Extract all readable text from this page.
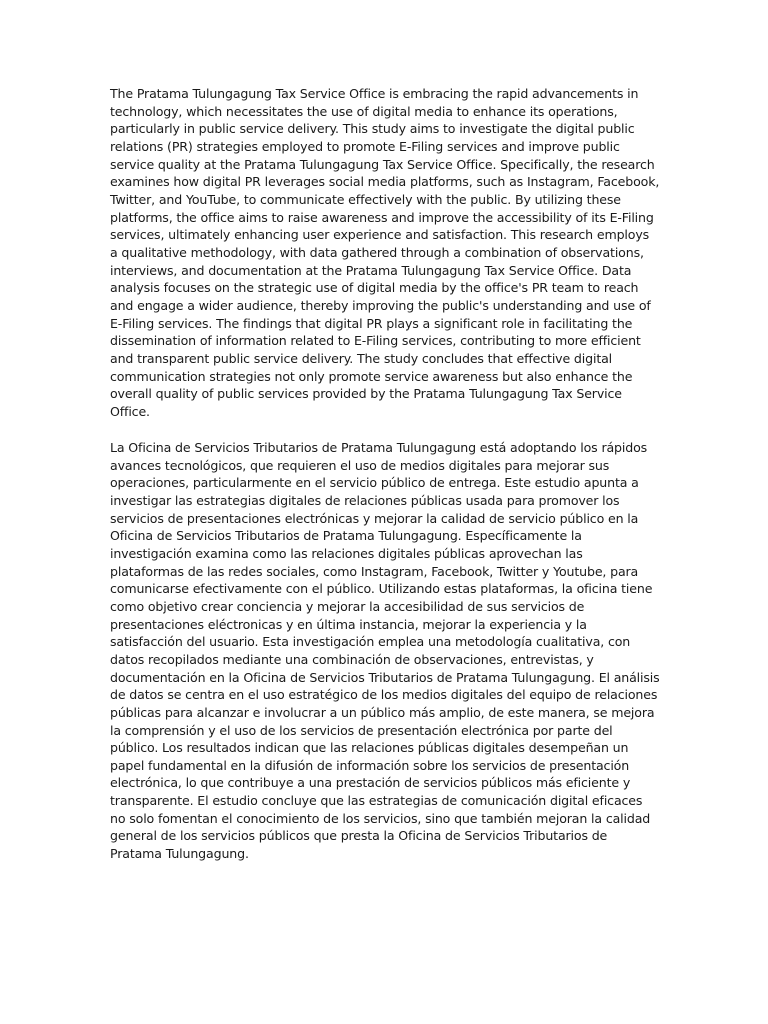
The Pratama Tulungagung Tax Service Office is embracing the rapid advancements in technology, which necessitates the use of digital media to enhance its operations, particularly in public service delivery. This study aims to investigate the digital public relations (PR) strategies employed to promote E-Filing services and improve public service quality at the Pratama Tulungagung Tax Service Office. Specifically, the research examines how digital PR leverages social media platforms, such as Instagram, Facebook, Twitter, and YouTube, to communicate effectively with the public. By utilizing these platforms, the office aims to raise awareness and improve the accessibility of its E-Filing services, ultimately enhancing user experience and satisfaction. This research employs a qualitative methodology, with data gathered through a combination of observations, interviews, and documentation at the Pratama Tulungagung Tax Service Office. Data analysis focuses on the strategic use of digital media by the office's PR team to reach and engage a wider audience, thereby improving the public's understanding and use of E-Filing services. The findings that digital PR plays a significant role in facilitating the dissemination of information related to E-Filing services, contributing to more efficient and transparent public service delivery. The study concludes that effective digital communication strategies not only promote service awareness but also enhance the overall quality of public services provided by the Pratama Tulungagung Tax Service Office.

La Oficina de Servicios Tributarios de Pratama Tulungagung está adoptando los rápidos avances tecnológicos, que requieren el uso de medios digitales para mejorar sus operaciones, particularmente en el servicio público de entrega. Este estudio apunta a investigar las estrategias digitales de relaciones públicas usada para promover los servicios de presentaciones electrónicas y mejorar la calidad de servicio público en la Oficina de Servicios Tributarios de Pratama Tulungagung. Específicamente la investigación examina como las relaciones digitales públicas aprovechan las plataformas de las redes sociales, como Instagram, Facebook, Twitter y Youtube, para comunicarse efectivamente con el público. Utilizando estas plataformas, la oficina tiene como objetivo crear conciencia y mejorar la accesibilidad de sus servicios de presentaciones eléctronicas y en última instancia, mejorar la experiencia y la satisfacción del usuario. Esta investigación emplea una metodología cualitativa, con datos recopilados mediante una combinación de observaciones, entrevistas, y documentación en la Oficina de Servicios Tributarios de Pratama Tulungagung. El análisis de datos se centra en el uso estratégico de los medios digitales del equipo de relaciones públicas para alcanzar e involucrar a un público más amplio, de este manera, se mejora la comprensión y el uso de los servicios de presentación electrónica por parte del público. Los resultados indican que las relaciones públicas digitales desempeñan un papel fundamental en la difusión de información sobre los servicios de presentación electrónica, lo que contribuye a una prestación de servicios públicos más eficiente y transparente. El estudio concluye que las estrategias de comunicación digital eficaces no solo fomentan el conocimiento de los servicios, sino que también mejoran la calidad general de los servicios públicos que presta la Oficina de Servicios Tributarios de Pratama Tulungagung.
